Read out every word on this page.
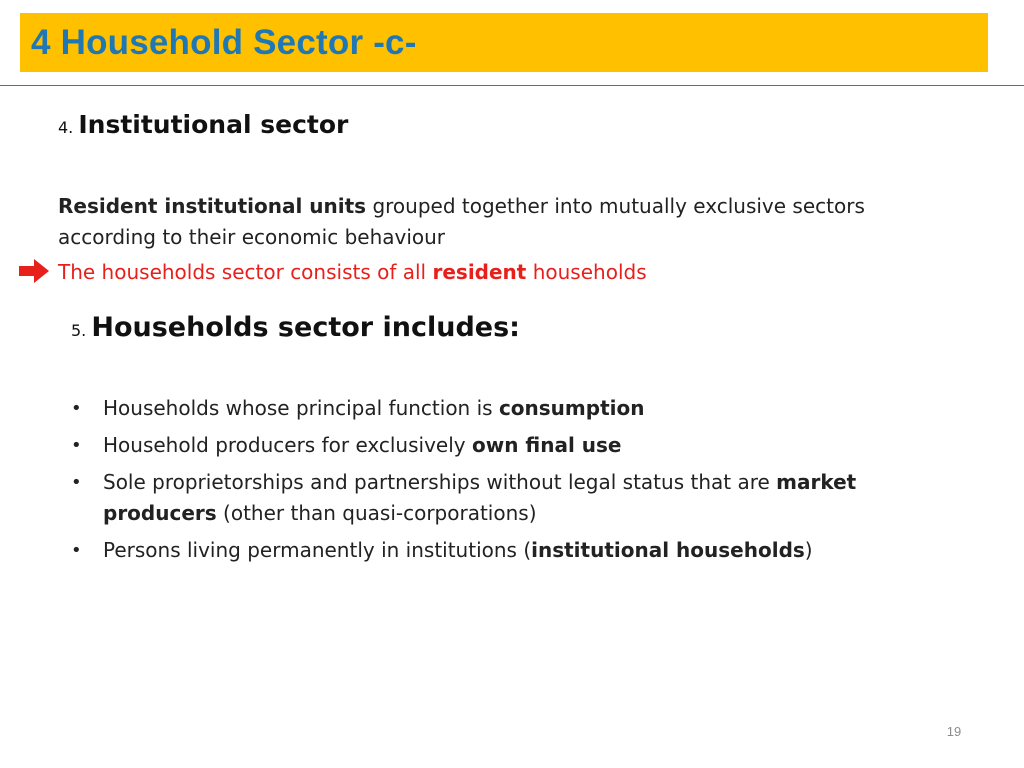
4 Household Sector -c-
4. Institutional sector
Resident institutional units grouped together into mutually exclusive sectors according to their economic behaviour
The households sector consists of all resident households
5. Households sector includes:
• Households whose principal function is consumption
• Household producers for exclusively own final use
• Sole proprietorships and partnerships without legal status that are market producers (other than quasi-corporations)
• Persons living permanently in institutions (institutional households)
19
